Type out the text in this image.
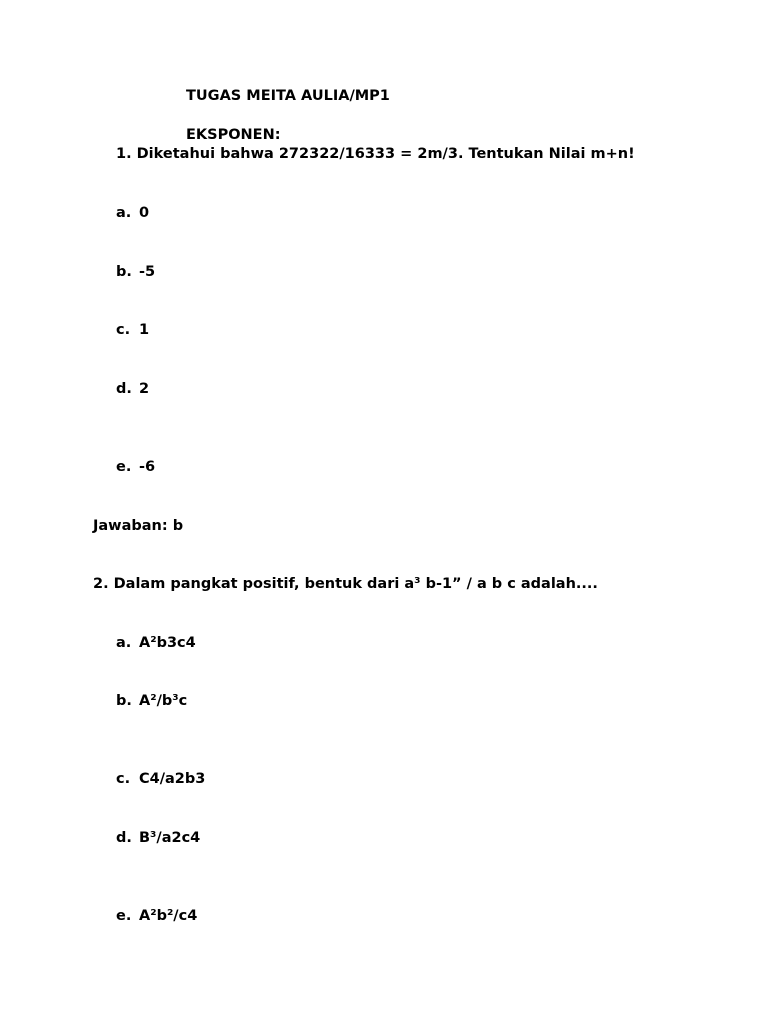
TUGAS MEITA AULIA/MP1
EKSPONEN:
1. Diketahui bahwa 272322/16333 = 2m/3. Tentukan Nilai m+n!
a. 0
b. -5
c. 1
d. 2
e. -6
Jawaban: b
2. Dalam pangkat positif, bentuk dari a³ b-1” / a b c adalah....
a. A²b3c4
b. A²/b³c
c. C4/a2b3
d. B³/a2c4
e. A²b²/c4
